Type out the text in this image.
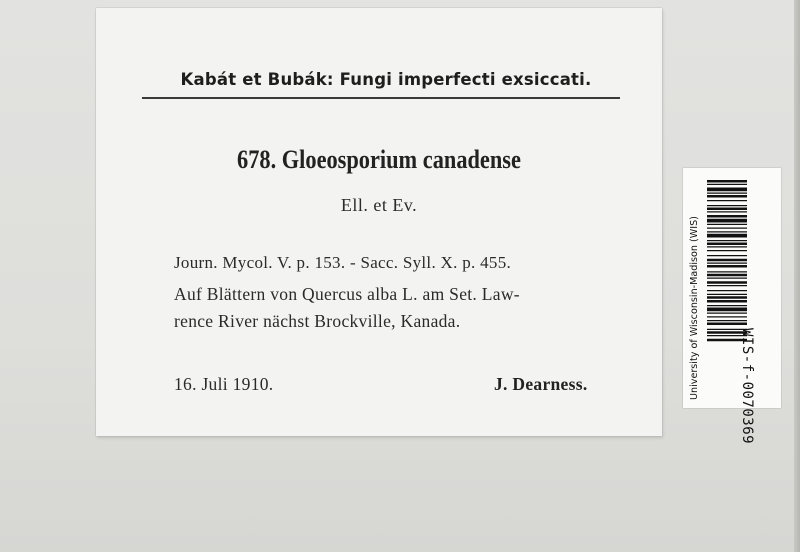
Kabát et Bubák: Fungi imperfecti exsiccati.
678. Gloeosporium canadense
Ell. et Ev.
Journ. Mycol. V. p. 153. - Sacc. Syll. X. p. 455.
Auf Blättern von Quercus alba L. am Set. Law-
rence River nächst Brockville, Kanada.
16. Juli 1910.	J. Dearness.	University of Wisconsin-Madison (WIS)	WIS-f-0070369
